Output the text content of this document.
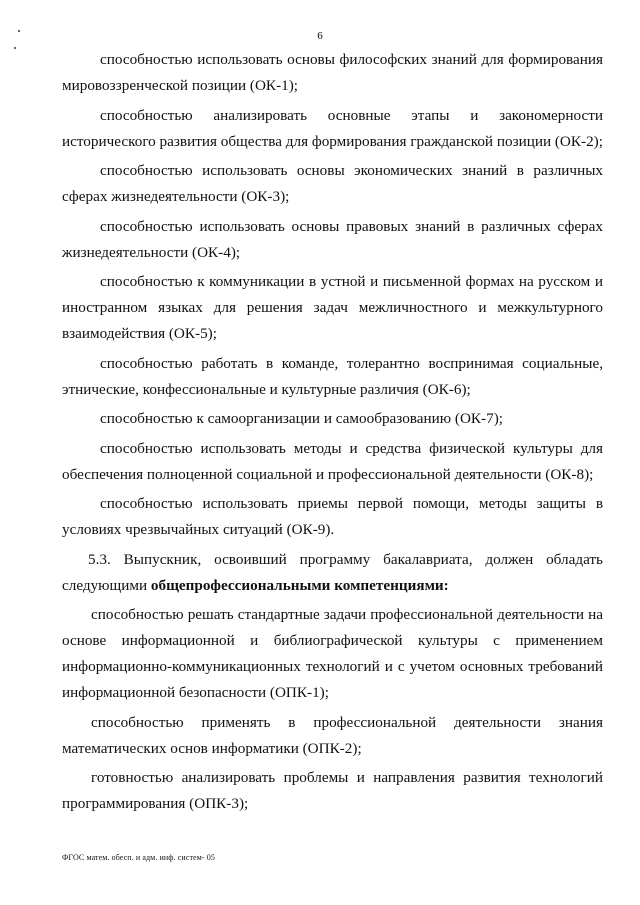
6

способностью использовать основы философских знаний для формирования мировоззренческой позиции (ОК-1);

способностью анализировать основные этапы и закономерности исторического развития общества для формирования гражданской позиции (ОК-2);

способностью использовать основы экономических знаний в различных сферах жизнедеятельности (ОК-3);

способностью использовать основы правовых знаний в различных сферах жизнедеятельности (ОК-4);

способностью к коммуникации в устной и письменной формах на русском и иностранном языках для решения задач межличностного и межкультурного взаимодействия (ОК-5);

способностью работать в команде, толерантно воспринимая социальные, этнические, конфессиональные и культурные различия (ОК-6);

способностью к самоорганизации и самообразованию (ОК-7);

способностью использовать методы и средства физической культуры для обеспечения полноценной социальной и профессиональной деятельности (ОК-8);

способностью использовать приемы первой помощи, методы защиты в условиях чрезвычайных ситуаций (ОК-9).

5.3. Выпускник, освоивший программу бакалавриата, должен обладать следующими общепрофессиональными компетенциями:

способностью решать стандартные задачи профессиональной деятельности на основе информационной и библиографической культуры с применением информационно-коммуникационных технологий и с учетом основных требований информационной безопасности (ОПК-1);

способностью применять в профессиональной деятельности знания математических основ информатики (ОПК-2);

готовностью анализировать проблемы и направления развития технологий программирования (ОПК-3);

ФГОС матем. обесп. и адм. инф. систем- 05
